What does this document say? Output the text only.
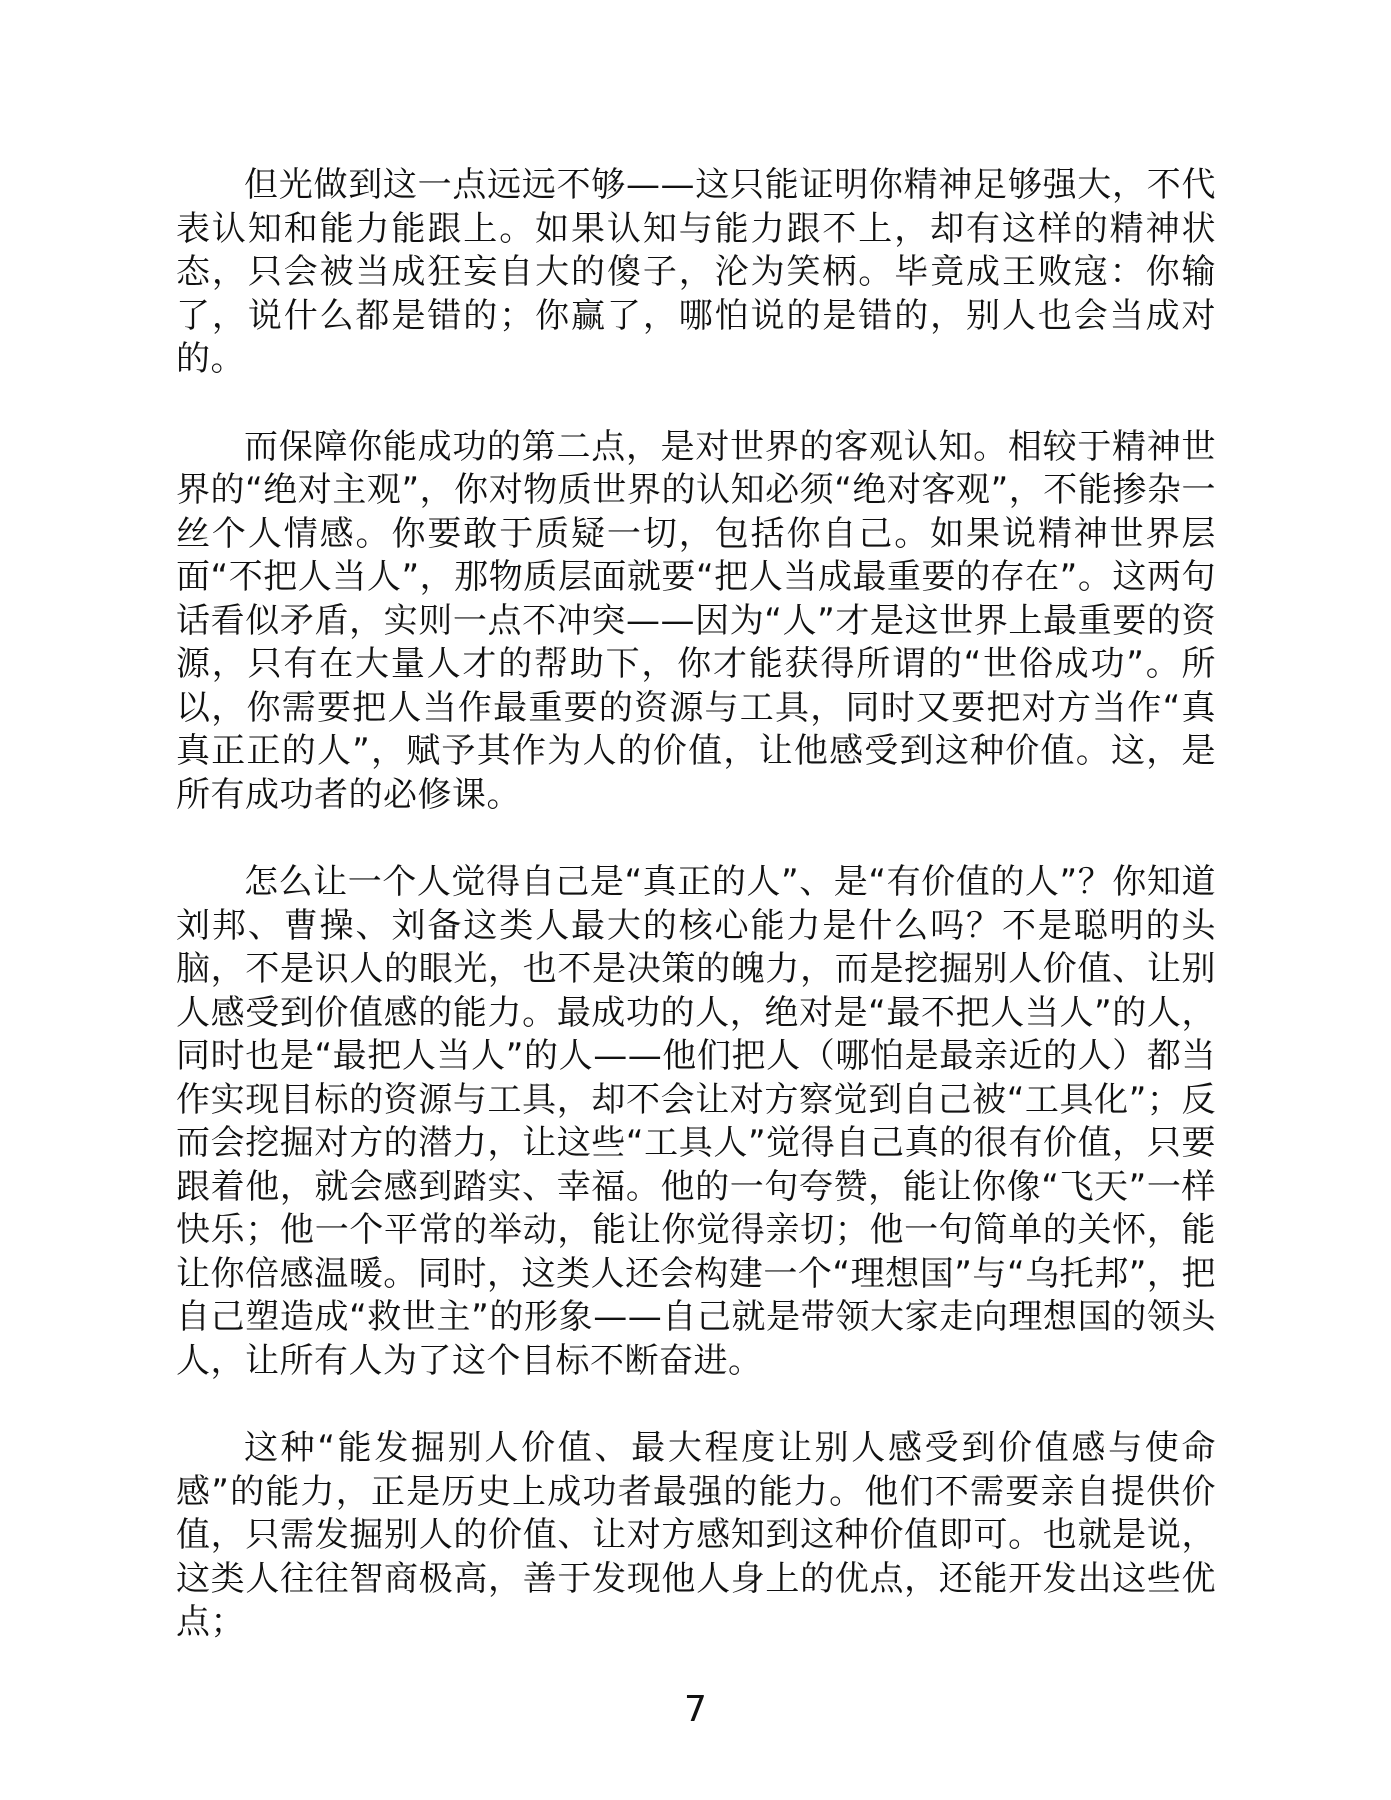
但光做到这一点远远不够——这只能证明你精神足够强大，不代表认知和能力能跟上。如果认知与能力跟不上，却有这样的精神状态，只会被当成狂妄自大的傻子，沦为笑柄。毕竟成王败寇：你输了，说什么都是错的；你赢了，哪怕说的是错的，别人也会当成对的。

而保障你能成功的第二点，是对世界的客观认知。相较于精神世界的“绝对主观”，你对物质世界的认知必须“绝对客观”，不能掺杂一丝个人情感。你要敢于质疑一切，包括你自己。如果说精神世界层面“不把人当人”，那物质层面就要“把人当成最重要的存在”。这两句话看似矛盾，实则一点不冲突——因为“人”才是这世界上最重要的资源，只有在大量人才的帮助下，你才能获得所谓的“世俗成功”。所以，你需要把人当作最重要的资源与工具，同时又要把对方当作“真真正正的人”，赋予其作为人的价值，让他感受到这种价值。这，是所有成功者的必修课。

怎么让一个人觉得自己是“真正的人”、是“有价值的人”？你知道刘邦、曹操、刘备这类人最大的核心能力是什么吗？不是聪明的头脑，不是识人的眼光，也不是决策的魄力，而是挖掘别人价值、让别人感受到价值感的能力。最成功的人，绝对是“最不把人当人”的人，同时也是“最把人当人”的人——他们把人（哪怕是最亲近的人）都当作实现目标的资源与工具，却不会让对方察觉到自己被“工具化”；反而会挖掘对方的潜力，让这些“工具人”觉得自己真的很有价值，只要跟着他，就会感到踏实、幸福。他的一句夸赞，能让你像“飞天”一样快乐；他一个平常的举动，能让你觉得亲切；他一句简单的关怀，能让你倍感温暖。同时，这类人还会构建一个“理想国”与“乌托邦”，把自己塑造成“救世主”的形象——自己就是带领大家走向理想国的领头人，让所有人为了这个目标不断奋进。

这种“能发掘别人价值、最大程度让别人感受到价值感与使命感”的能力，正是历史上成功者最强的能力。他们不需要亲自提供价值，只需发掘别人的价值、让对方感知到这种价值即可。也就是说，这类人往往智商极高，善于发现他人身上的优点，还能开发出这些优点；

7
